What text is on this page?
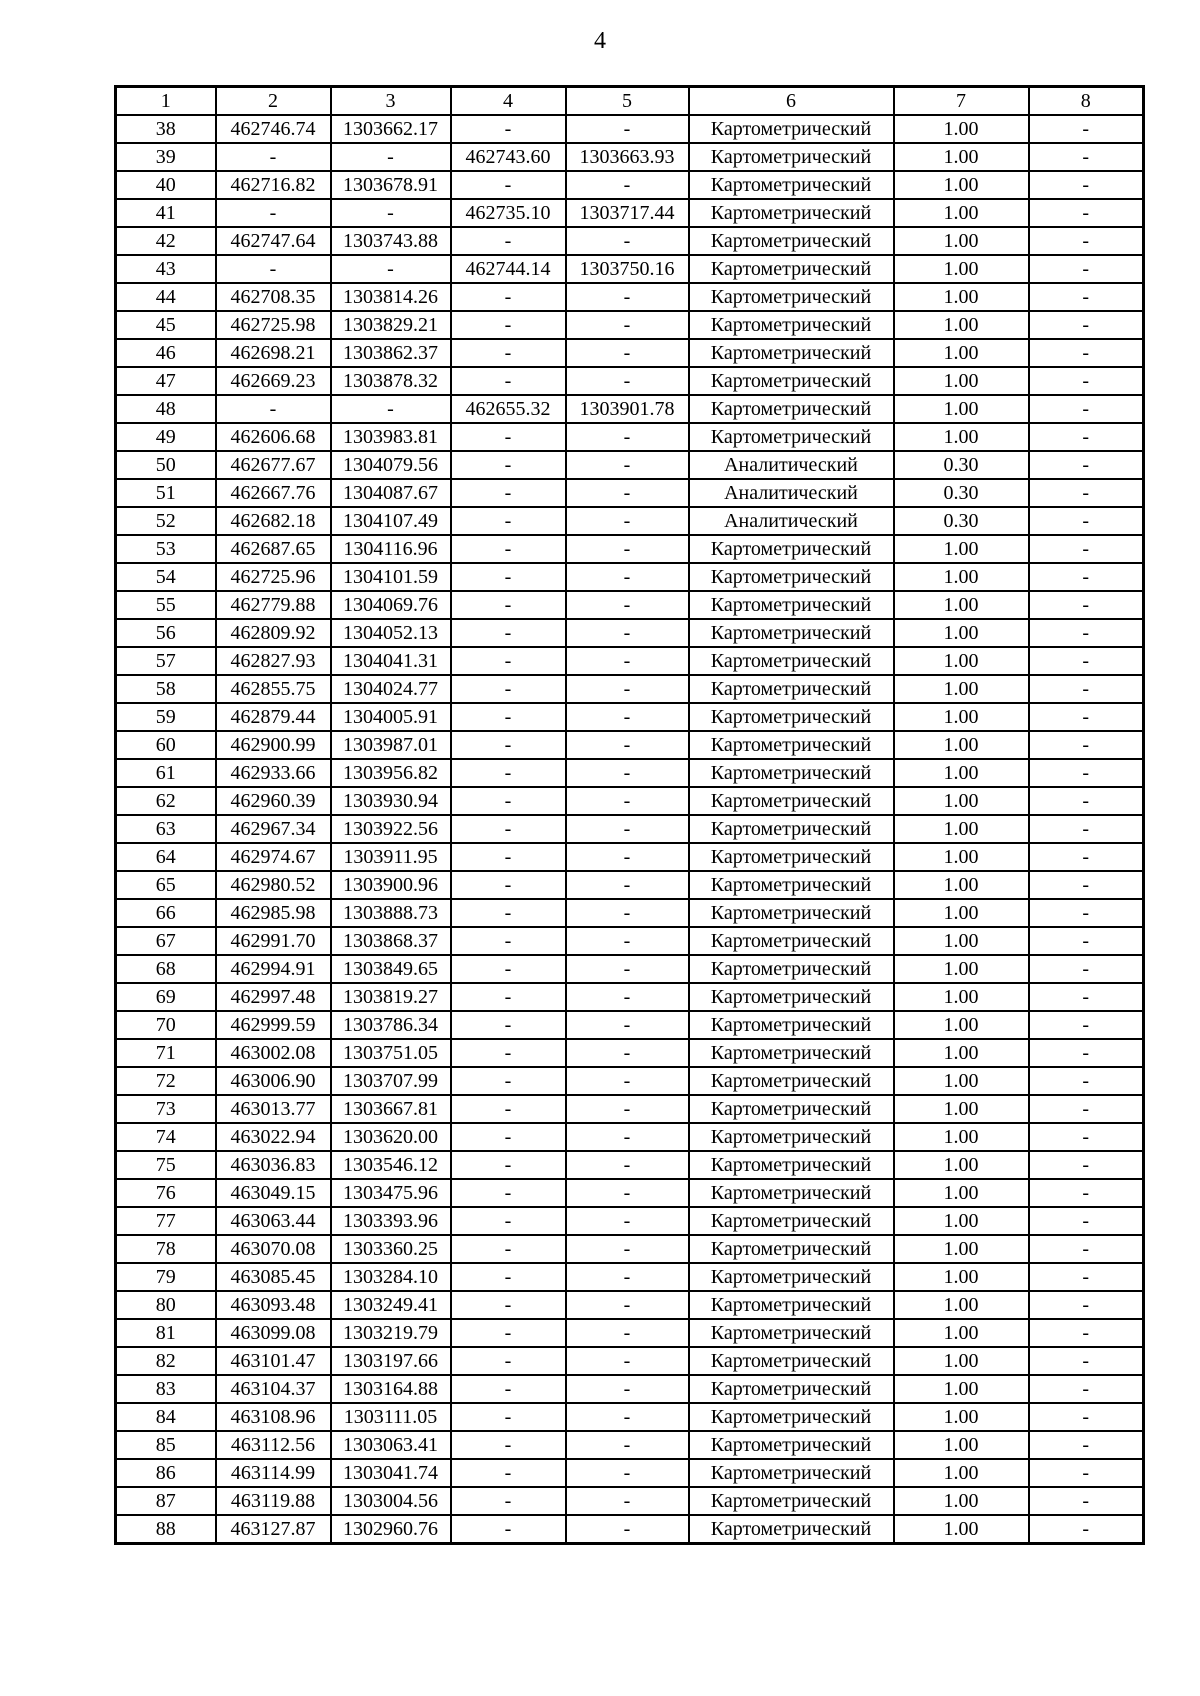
4
1	2	3	4	5	6	7	8
38	462746.74	1303662.17	-	-	Картометрический	1.00	-
39	-	-	462743.60	1303663.93	Картометрический	1.00	-
40	462716.82	1303678.91	-	-	Картометрический	1.00	-
41	-	-	462735.10	1303717.44	Картометрический	1.00	-
42	462747.64	1303743.88	-	-	Картометрический	1.00	-
43	-	-	462744.14	1303750.16	Картометрический	1.00	-
44	462708.35	1303814.26	-	-	Картометрический	1.00	-
45	462725.98	1303829.21	-	-	Картометрический	1.00	-
46	462698.21	1303862.37	-	-	Картометрический	1.00	-
47	462669.23	1303878.32	-	-	Картометрический	1.00	-
48	-	-	462655.32	1303901.78	Картометрический	1.00	-
49	462606.68	1303983.81	-	-	Картометрический	1.00	-
50	462677.67	1304079.56	-	-	Аналитический	0.30	-
51	462667.76	1304087.67	-	-	Аналитический	0.30	-
52	462682.18	1304107.49	-	-	Аналитический	0.30	-
53	462687.65	1304116.96	-	-	Картометрический	1.00	-
54	462725.96	1304101.59	-	-	Картометрический	1.00	-
55	462779.88	1304069.76	-	-	Картометрический	1.00	-
56	462809.92	1304052.13	-	-	Картометрический	1.00	-
57	462827.93	1304041.31	-	-	Картометрический	1.00	-
58	462855.75	1304024.77	-	-	Картометрический	1.00	-
59	462879.44	1304005.91	-	-	Картометрический	1.00	-
60	462900.99	1303987.01	-	-	Картометрический	1.00	-
61	462933.66	1303956.82	-	-	Картометрический	1.00	-
62	462960.39	1303930.94	-	-	Картометрический	1.00	-
63	462967.34	1303922.56	-	-	Картометрический	1.00	-
64	462974.67	1303911.95	-	-	Картометрический	1.00	-
65	462980.52	1303900.96	-	-	Картометрический	1.00	-
66	462985.98	1303888.73	-	-	Картометрический	1.00	-
67	462991.70	1303868.37	-	-	Картометрический	1.00	-
68	462994.91	1303849.65	-	-	Картометрический	1.00	-
69	462997.48	1303819.27	-	-	Картометрический	1.00	-
70	462999.59	1303786.34	-	-	Картометрический	1.00	-
71	463002.08	1303751.05	-	-	Картометрический	1.00	-
72	463006.90	1303707.99	-	-	Картометрический	1.00	-
73	463013.77	1303667.81	-	-	Картометрический	1.00	-
74	463022.94	1303620.00	-	-	Картометрический	1.00	-
75	463036.83	1303546.12	-	-	Картометрический	1.00	-
76	463049.15	1303475.96	-	-	Картометрический	1.00	-
77	463063.44	1303393.96	-	-	Картометрический	1.00	-
78	463070.08	1303360.25	-	-	Картометрический	1.00	-
79	463085.45	1303284.10	-	-	Картометрический	1.00	-
80	463093.48	1303249.41	-	-	Картометрический	1.00	-
81	463099.08	1303219.79	-	-	Картометрический	1.00	-
82	463101.47	1303197.66	-	-	Картометрический	1.00	-
83	463104.37	1303164.88	-	-	Картометрический	1.00	-
84	463108.96	1303111.05	-	-	Картометрический	1.00	-
85	463112.56	1303063.41	-	-	Картометрический	1.00	-
86	463114.99	1303041.74	-	-	Картометрический	1.00	-
87	463119.88	1303004.56	-	-	Картометрический	1.00	-
88	463127.87	1302960.76	-	-	Картометрический	1.00	-
